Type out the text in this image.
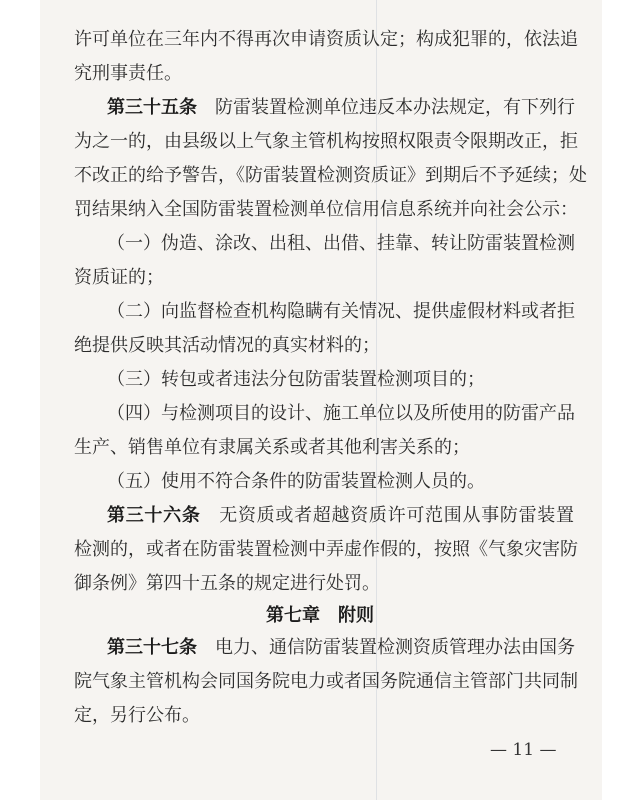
许可单位在三年内不得再次申请资质认定；构成犯罪的，依法追
究刑事责任。
第三十五条　 防雷装置检测单位违反本办法规定，有下列行
为之一的，由县级以上气象主管机构按照权限责令限期改正，拒
不改正的给予警告，《防雷装置检测资质证》到期后不予延续；处
罚结果纳入全国防雷装置检测单位信用信息系统并向社会公示：
（一）伪造、涂改、出租、出借、挂靠、转让防雷装置检测
资质证的；
（二）向监督检查机构隐瞒有关情况、提供虚假材料或者拒
绝提供反映其活动情况的真实材料的；
（三）转包或者违法分包防雷装置检测项目的；
（四）与检测项目的设计、施工单位以及所使用的防雷产品
生产、销售单位有隶属关系或者其他利害关系的；
（五）使用不符合条件的防雷装置检测人员的。
第三十六条　 无资质或者超越资质许可范围从事防雷装置
检测的，或者在防雷装置检测中弄虚作假的，按照《气象灾害防
御条例》第四十五条的规定进行处罚。
第七章　附则
第三十七条　 电力、通信防雷装置检测资质管理办法由国务
院气象主管机构会同国务院电力或者国务院通信主管部门共同制
定，另行公布。
— 11 —
